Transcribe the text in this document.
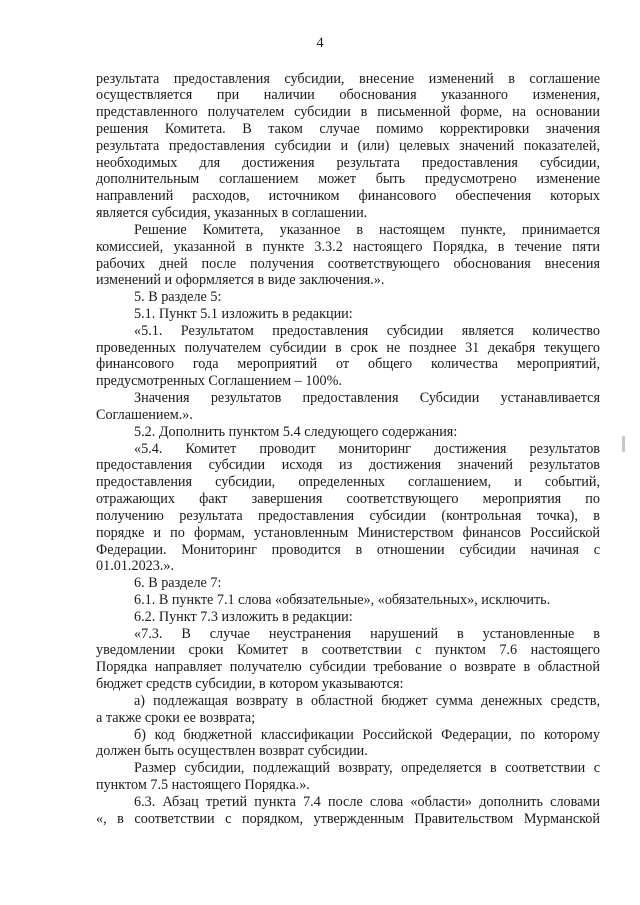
4
результата предоставления субсидии, внесение изменений в соглашение
осуществляется при наличии обоснования указанного изменения,
представленного получателем субсидии в письменной форме, на основании
решения Комитета. В таком случае помимо корректировки значения
результата предоставления субсидии и (или) целевых значений показателей,
необходимых для достижения результата предоставления субсидии,
дополнительным соглашением может быть предусмотрено изменение
направлений расходов, источником финансового обеспечения которых
является субсидия, указанных в соглашении.
Решение Комитета, указанное в настоящем пункте, принимается
комиссией, указанной в пункте 3.3.2 настоящего Порядка, в течение пяти
рабочих дней после получения соответствующего обоснования внесения
изменений и оформляется в виде заключения.».
5. В разделе 5:
5.1. Пункт 5.1 изложить в редакции:
«5.1. Результатом предоставления субсидии является количество
проведенных получателем субсидии в срок не позднее 31 декабря текущего
финансового года мероприятий от общего количества мероприятий,
предусмотренных Соглашением – 100%.
Значения результатов предоставления Субсидии устанавливается
Соглашением.».
5.2. Дополнить пунктом 5.4 следующего содержания:
«5.4. Комитет проводит мониторинг достижения результатов
предоставления субсидии исходя из достижения значений результатов
предоставления субсидии, определенных соглашением, и событий,
отражающих факт завершения соответствующего мероприятия по
получению результата предоставления субсидии (контрольная точка), в
порядке и по формам, установленным Министерством финансов Российской
Федерации. Мониторинг проводится в отношении субсидии начиная с
01.01.2023.».
6. В разделе 7:
6.1. В пункте 7.1 слова «обязательные», «обязательных», исключить.
6.2. Пункт 7.3 изложить в редакции:
«7.3. В случае неустранения нарушений в установленные в
уведомлении сроки Комитет в соответствии с пунктом 7.6 настоящего
Порядка направляет получателю субсидии требование о возврате в областной
бюджет средств субсидии, в котором указываются:
а) подлежащая возврату в областной бюджет сумма денежных средств,
а также сроки ее возврата;
б) код бюджетной классификации Российской Федерации, по которому
должен быть осуществлен возврат субсидии.
Размер субсидии, подлежащий возврату, определяется в соответствии с
пунктом 7.5 настоящего Порядка.».
6.3. Абзац третий пункта 7.4 после слова «области» дополнить словами
«, в соответствии с порядком, утвержденным Правительством Мурманской
